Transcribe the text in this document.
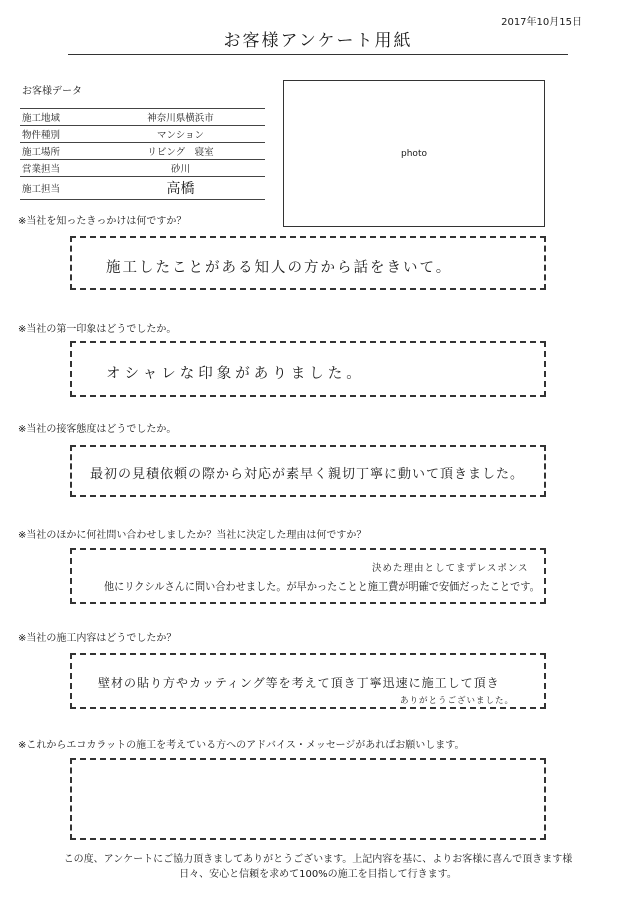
2017年10月15日
お客様アンケート用紙
お客様データ
施工地域	神奈川県横浜市
物件種別	マンション
施工場所	リビング　寝室
営業担当	砂川
施工担当	高橋
photo
※当社を知ったきっかけは何ですか？
施工したことがある知人の方から話をきいて。
※当社の第一印象はどうでしたか。
オシャレな印象がありました。
※当社の接客態度はどうでしたか。
最初の見積依頼の際から対応が素早く親切丁寧に動いて頂きました。
※当社のほかに何社問い合わせしましたか？当社に決定した理由は何ですか？
決めた理由としてまずレスポンス
他にリクシルさんに問い合わせました。が早かったことと施工費が明確で安価だったことです。
※当社の施工内容はどうでしたか？
壁材の貼り方やカッティング等を考えて頂き丁寧迅速に施工して頂き
ありがとうございました。
※これからエコカラットの施工を考えている方へのアドバイス・メッセージがあればお願いします。
この度、アンケートにご協力頂きましてありがとうございます。上記内容を基に、よりお客様に喜んで頂きます様
日々、安心と信頼を求めて100%の施工を目指して行きます。
